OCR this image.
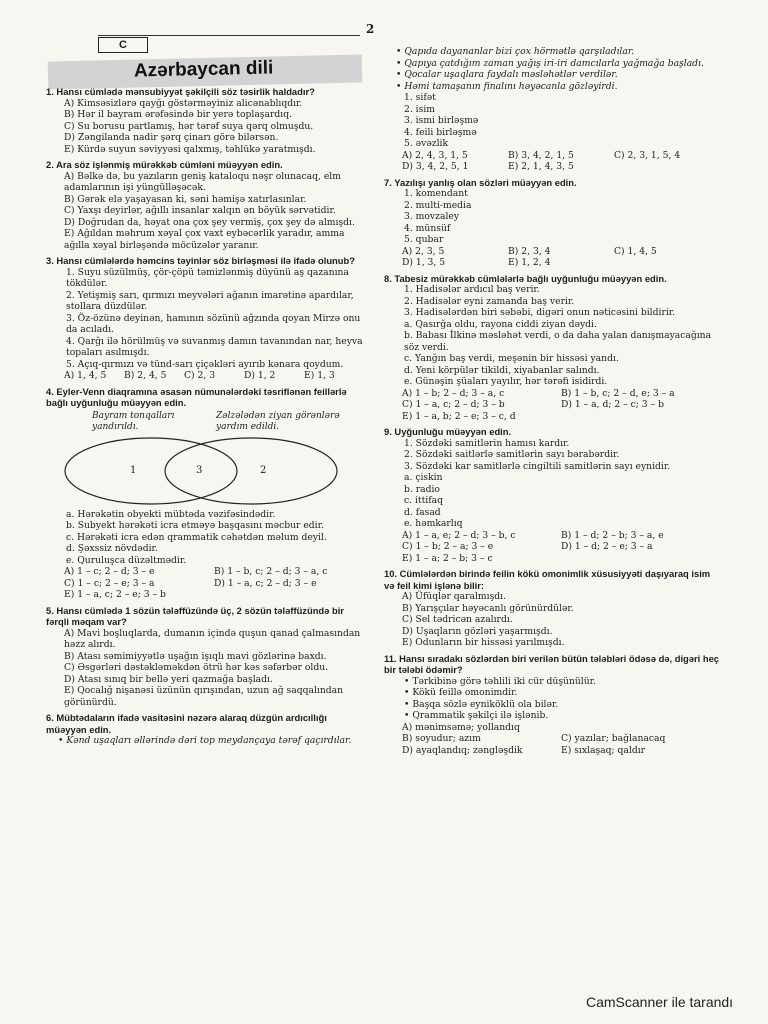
2
C
Azərbaycan dili
1. Hansı cümlədə mənsubiyyət şəkilçili söz təsirlik haldadır?
A) Kimsəsizlərə qayğı göstərməyiniz alicənablıqdır.
B) Hər il bayram ərəfəsində bir yerə toplaşardıq.
C) Su borusu partlamış, hər tərəf suya qərq olmuşdu.
D) Zəngilanda nadir şərq çinarı görə bilərsən.
E) Kürdə suyun səviyyəsi qalxmış, təhlükə yaratmışdı.
2. Ara söz işlənmiş mürəkkəb cümləni müəyyən edin.
A) Bəlkə də, bu yazıların geniş kataloqu nəşr olunacaq, elm adamlarının işi yüngülləşəcək.
B) Gərək elə yaşayasan ki, səni həmişə xatırlasınlar.
C) Yaxşı deyirlər, ağıllı insanlar xalqın ən böyük sərvətidir.
D) Doğrudan da, həyat ona çox şey vermiş, çox şey də almışdı.
E) Ağıldan məhrum xəyal çox vaxt eybəcərlik yaradır, amma ağılla xəyal birləşəndə möcüzələr yaranır.
3. Hansı cümlələrdə həmcins təyinlər söz birləşməsi ilə ifadə olunub?
1. Suyu süzülmüş, çör-çöpü təmizlənmiş düyünü aş qazanına tökdülər.
2. Yetişmiş sarı, qırmızı meyvələri ağanın imarətinə apardılar, stollara düzdülər.
3. Öz-özünə deyinən, hamının sözünü ağzında qoyan Mirzə onu da acıladı.
4. Qarğı ilə hörülmüş və suvanmış damın tavanından nar, heyva topaları asılmışdı.
5. Açıq-qırmızı və tünd-sarı çiçəkləri ayırıb kənara qoydum.
A) 1, 4, 5	B) 2, 4, 5	C) 2, 3	D) 1, 2	E) 1, 3
4. Eyler-Venn diaqramına əsasən nümunələrdəki təsriflənən feillərlə bağlı uyğunluğu müəyyən edin.
Bayram tonqalları yandırıldı.
Zəlzələdən ziyan görənlərə yardım edildi.
1	3	2
a. Hərəkətin obyekti mübtəda vəzifəsindədir.
b. Subyekt hərəkəti icra etməyə başqasını məcbur edir.
c. Hərəkəti icra edən qrammatik cəhətdən məlum deyil.
d. Şəxssiz növdədir.
e. Quruluşca düzəltmədir.
A) 1 – c; 2 – d; 3 – e	B) 1 – b, c; 2 – d; 3 – a, c
C) 1 – c; 2 – e; 3 – a	D) 1 – a, c; 2 – d; 3 – e
E) 1 – a, c; 2 – e; 3 – b
5. Hansı cümlədə 1 sözün tələffüzündə üç, 2 sözün tələffüzündə bir fərqli məqam var?
A) Mavi boşluqlarda, dumanın içində quşun qanad çalmasından həzz alırdı.
B) Atası səmimiyyətlə uşağın işıqlı mavi gözlərinə baxdı.
C) Əsgərləri dəstəkləməkdən ötrü hər kəs səfərbər oldu.
D) Atası sınıq bir bellə yeri qazmağa başladı.
E) Qocalığ nişanəsi üzünün qırışından, uzun ağ saqqalından görünürdü.
6. Mübtədaların ifadə vasitəsini nəzərə alaraq düzgün ardıcıllığı müəyyən edin.
• Kənd uşaqları əllərində dəri top meydançaya tərəf qaçırdılar.
• Qapıda dayananlar bizi çox hörmətlə qarşıladılar.
• Qapıya çatdığım zaman yağış iri-iri damcılarla yağmağa başladı.
• Qocalar uşaqlara faydalı məsləhətlər verdilər.
• Həmi tamaşanın finalını həyəcanla gözləyirdi.
1. sifət
2. isim
3. ismi birləşmə
4. feili birləşmə
5. əvəzlik
A) 2, 4, 3, 1, 5	B) 3, 4, 2, 1, 5	C) 2, 3, 1, 5, 4
D) 3, 4, 2, 5, 1	E) 2, 1, 4, 3, 5
7. Yazılışı yanlış olan sözləri müəyyən edin.
1. komendant
2. multi-media
3. movzaley
4. münsüf
5. qubar
A) 2, 3, 5	B) 2, 3, 4	C) 1, 4, 5
D) 1, 3, 5	E) 1, 2, 4
8. Tabesiz mürəkkəb cümlələrlə bağlı uyğunluğu müəyyən edin.
1. Hadisələr ardıcıl baş verir.
2. Hadisələr eyni zamanda baş verir.
3. Hadisələrdən biri səbəbi, digəri onun nəticəsini bildirir.
a. Qasırğa oldu, rayona ciddi ziyan dəydi.
b. Babası İlkinə məsləhət verdi, o da daha yalan danışmayacağına söz verdi.
c. Yanğın baş verdi, meşənin bir hissəsi yandı.
d. Yeni körpülər tikildi, xiyabanlar salındı.
e. Günəşin şüaları yayılır, hər tərəfi isidirdi.
A) 1 – b; 2 – d; 3 – a, c	B) 1 – b, c; 2 – d, e; 3 – a
C) 1 – a, c; 2 – d; 3 – b	D) 1 – a, d; 2 – c; 3 – b
E) 1 – a, b; 2 – e; 3 – c, d
9. Uyğunluğu müəyyən edin.
1. Sözdəki samitlərin hamısı kardır.
2. Sözdəki saitlərlə samitlərin sayı bərabərdir.
3. Sözdəki kar samitlərlə cingiltili samitlərin sayı eynidir.
a. çiskin
b. radio
c. ittifaq
d. fasad
e. həmkarlıq
A) 1 – a, e; 2 – d; 3 – b, c	B) 1 – d; 2 – b; 3 – a, e
C) 1 – b; 2 – a; 3 – e	D) 1 – d; 2 – e; 3 – a
E) 1 – a; 2 – b; 3 – c
10. Cümlələrdən birində feilin kökü omonimlik xüsusiyyəti daşıyaraq isim və feil kimi işlənə bilir:
A) Üfüqlər qaralmışdı.
B) Yarışçılar həyəcanlı görünürdülər.
C) Sel tədricən azalırdı.
D) Uşaqların gözləri yaşarmışdı.
E) Odunların bir hissəsi yarılmışdı.
11. Hansı sıradakı sözlərdən biri verilən bütün tələbləri ödəsə də, digəri heç bir tələbi ödəmir?
• Tərkibinə görə təhlili iki cür düşünülür.
• Kökü feillə omonimdir.
• Başqa sözlə eyniköklü ola bilər.
• Qrammatik şəkilçi ilə işlənib.
A) mənimsəmə; yollandıq
B) soyudur; azım	C) yazılar; bağlanacaq
D) ayaqlandıq; zəngləşdik	E) sıxlaşaq; qaldır
CamScanner ile tarandı
